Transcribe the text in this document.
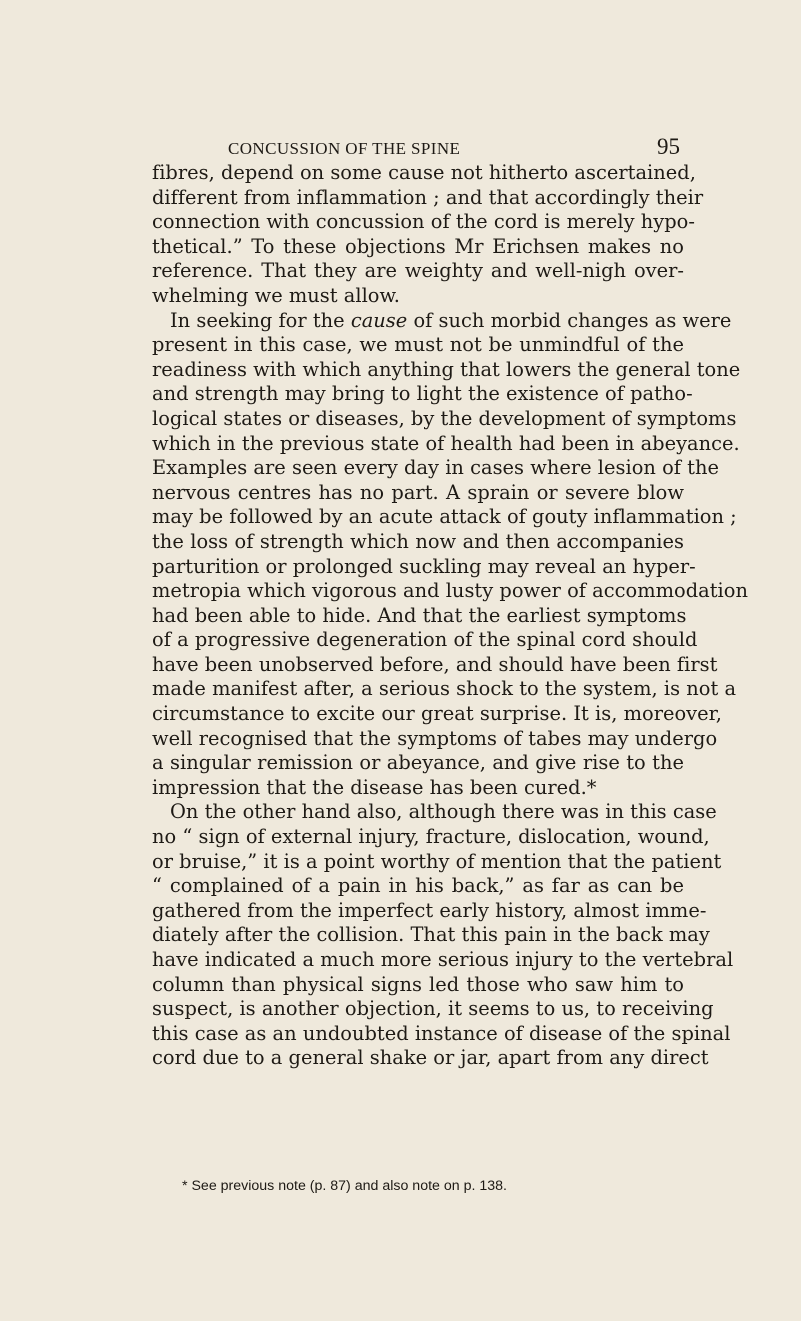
CONCUSSION OF THE SPINE	95
fibres, depend on some cause not hitherto ascertained,
different from inflammation ; and that accordingly their
connection with concussion of the cord is merely hypo-
thetical.” To these objections Mr Erichsen makes no
reference. That they are weighty and well-nigh over-
whelming we must allow.
In seeking for the cause of such morbid changes as were
present in this case, we must not be unmindful of the
readiness with which anything that lowers the general tone
and strength may bring to light the existence of patho-
logical states or diseases, by the development of symptoms
which in the previous state of health had been in abeyance.
Examples are seen every day in cases where lesion of the
nervous centres has no part. A sprain or severe blow
may be followed by an acute attack of gouty inflammation ;
the loss of strength which now and then accompanies
parturition or prolonged suckling may reveal an hyper-
metropia which vigorous and lusty power of accommodation
had been able to hide. And that the earliest symptoms
of a progressive degeneration of the spinal cord should
have been unobserved before, and should have been first
made manifest after, a serious shock to the system, is not a
circumstance to excite our great surprise. It is, moreover,
well recognised that the symptoms of tabes may undergo
a singular remission or abeyance, and give rise to the
impression that the disease has been cured.*
On the other hand also, although there was in this case
no “ sign of external injury, fracture, dislocation, wound,
or bruise,” it is a point worthy of mention that the patient
“ complained of a pain in his back,” as far as can be
gathered from the imperfect early history, almost imme-
diately after the collision. That this pain in the back may
have indicated a much more serious injury to the vertebral
column than physical signs led those who saw him to
suspect, is another objection, it seems to us, to receiving
this case as an undoubted instance of disease of the spinal
cord due to a general shake or jar, apart from any direct
* See previous note (p. 87) and also note on p. 138.
